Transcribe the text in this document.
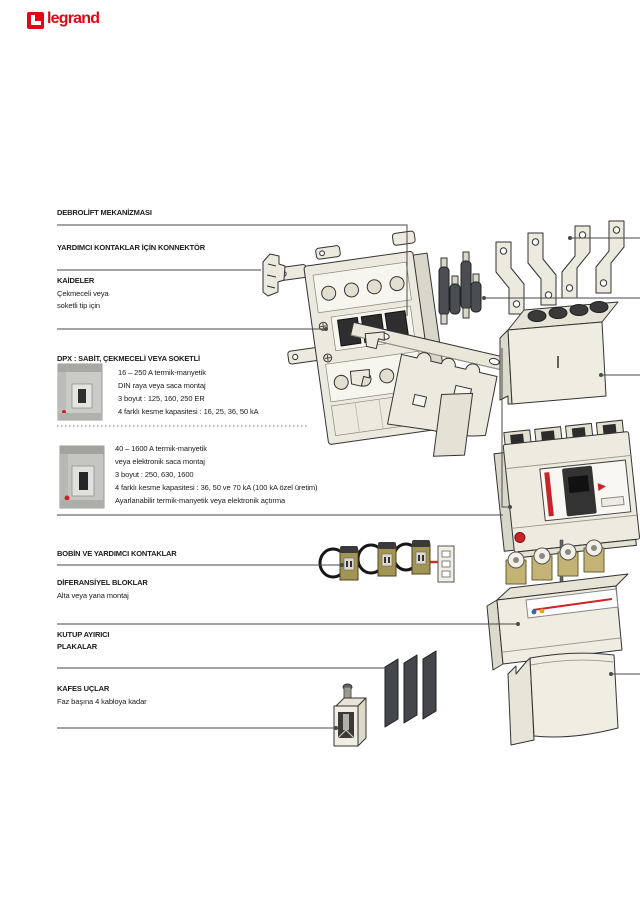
legrand
DEBROLİFT MEKANİZMASI
YARDIMCI KONTAKLAR İÇİN KONNEKTÖR
KAİDELER
Çekmeceli veya
soketli tip için
DPX : SABİT, ÇEKMECELİ VEYA SOKETLİ
16 – 250 A termik-manyetik
DIN raya veya saca montaj
3 boyut : 125, 160, 250 ER
4 farklı kesme kapasitesi : 16, 25, 36, 50 kA
40 – 1600 A termik-manyetik
veya elektronik saca montaj
3 boyut : 250, 630, 1600
4 farklı kesme kapasitesi : 36, 50 ve 70 kA (100 kA özel üretim)
Ayarlanabilir termik-manyetik veya elektronik açtırma
BOBİN VE YARDIMCI KONTAKLAR
DİFERANSİYEL BLOKLAR
Alta veya yana montaj
KUTUP AYIRICI
PLAKALAR
KAFES UÇLAR
Faz başına 4 kabloya kadar
